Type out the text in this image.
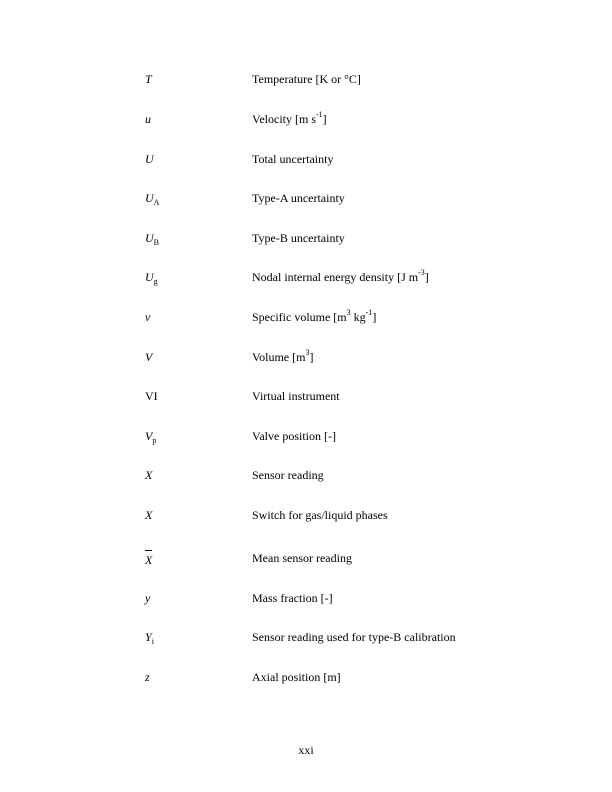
T	Temperature [K or °C]
u	Velocity [m $s^{-1}$]
U	Total uncertainty
$U_A$	Type-A uncertainty
$U_B$	Type-B uncertainty
$U_g$	Nodal internal energy density [J $m^{-3}$]
v	Specific volume [$m^3$ $kg^{-1}$]
V	Volume $[m^3]$
VI	Virtual instrument
$V_p$	Valve position [-]
X	Sensor reading
X	Switch for gas/liquid phases
X	Mean sensor reading
y	Mass fraction [-]
$Y_i$	Sensor reading used for type-B calibration
z	Axial position [m]
xxi
